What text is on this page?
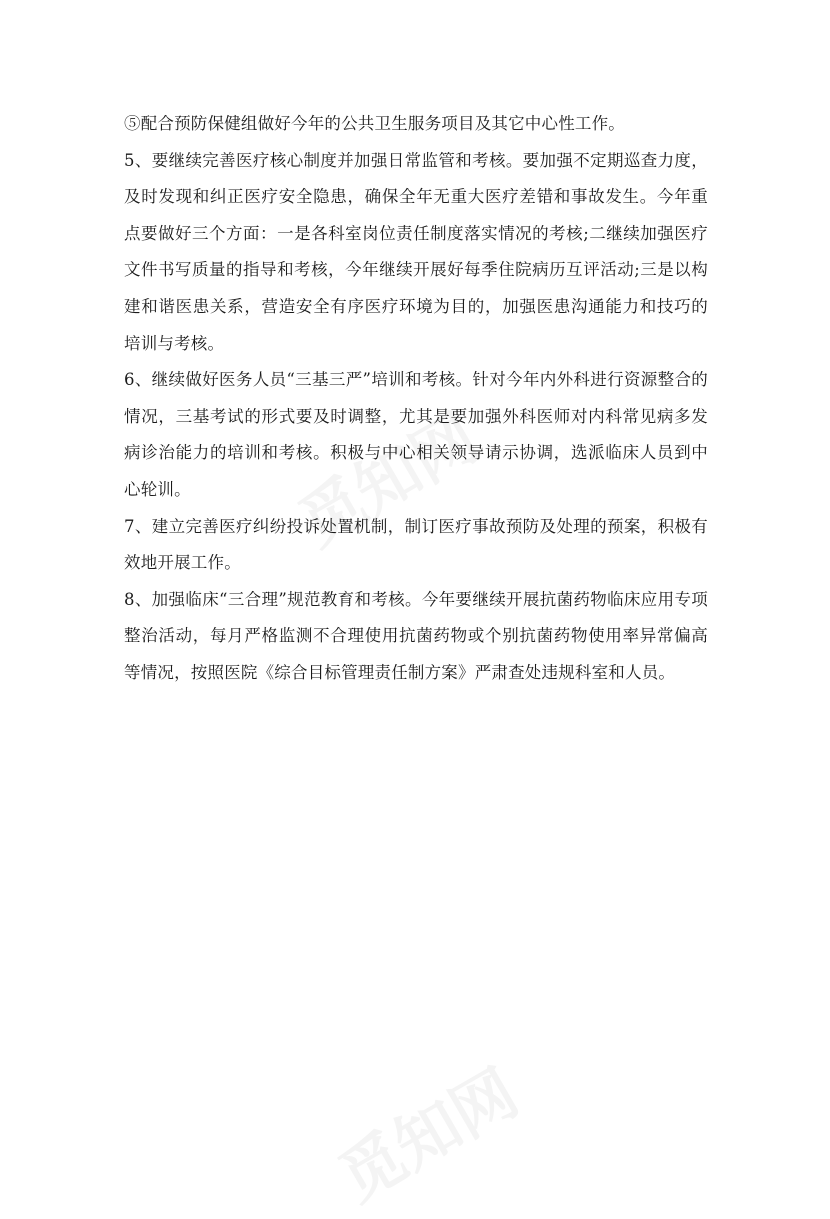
⑤配合预防保健组做好今年的公共卫生服务项目及其它中心性工作。

5、要继续完善医疗核心制度并加强日常监管和考核。要加强不定期巡查力度，及时发现和纠正医疗安全隐患，确保全年无重大医疗差错和事故发生。今年重点要做好三个方面：一是各科室岗位责任制度落实情况的考核;二继续加强医疗文件书写质量的指导和考核，今年继续开展好每季住院病历互评活动;三是以构建和谐医患关系，营造安全有序医疗环境为目的，加强医患沟通能力和技巧的培训与考核。

6、继续做好医务人员“三基三严”培训和考核。针对今年内外科进行资源整合的情况，三基考试的形式要及时调整，尤其是要加强外科医师对内科常见病多发病诊治能力的培训和考核。积极与中心相关领导请示协调，选派临床人员到中心轮训。

7、建立完善医疗纠纷投诉处置机制，制订医疗事故预防及处理的预案，积极有效地开展工作。

8、加强临床“三合理”规范教育和考核。今年要继续开展抗菌药物临床应用专项整治活动，每月严格监测不合理使用抗菌药物或个别抗菌药物使用率异常偏高等情况，按照医院《综合目标管理责任制方案》严肃查处违规科室和人员。
